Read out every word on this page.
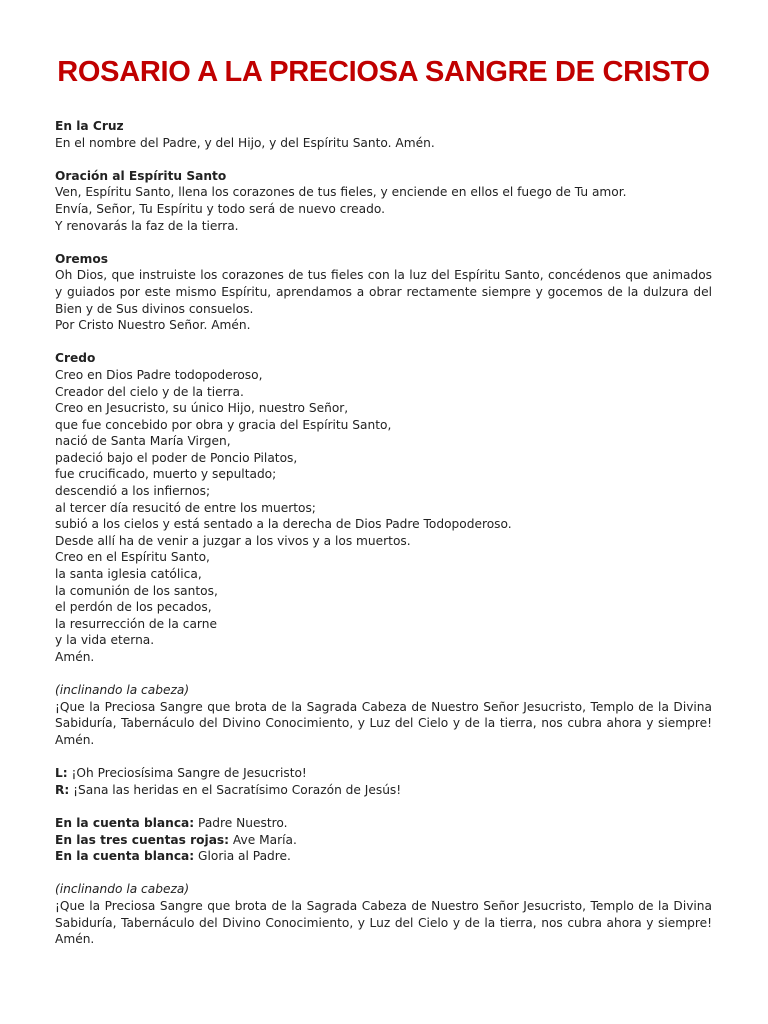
ROSARIO A LA PRECIOSA SANGRE DE CRISTO
En la Cruz
En el nombre del Padre, y del Hijo, y del Espíritu Santo. Amén.
Oración al Espíritu Santo
Ven, Espíritu Santo, llena los corazones de tus fieles, y enciende en ellos el fuego de Tu amor.
Envía, Señor, Tu Espíritu y todo será de nuevo creado.
Y renovarás la faz de la tierra.
Oremos
Oh Dios, que instruiste los corazones de tus fieles con la luz del Espíritu Santo, concédenos que animados y guiados por este mismo Espíritu, aprendamos a obrar rectamente siempre y gocemos de la dulzura del Bien y de Sus divinos consuelos.
Por Cristo Nuestro Señor. Amén.
Credo
Creo en Dios Padre todopoderoso,
Creador del cielo y de la tierra.
Creo en Jesucristo, su único Hijo, nuestro Señor,
que fue concebido por obra y gracia del Espíritu Santo,
nació de Santa María Virgen,
padeció bajo el poder de Poncio Pilatos,
fue crucificado, muerto y sepultado;
descendió a los infiernos;
al tercer día resucitó de entre los muertos;
subió a los cielos y está sentado a la derecha de Dios Padre Todopoderoso.
Desde allí ha de venir a juzgar a los vivos y a los muertos.
Creo en el Espíritu Santo,
la santa iglesia católica,
la comunión de los santos,
el perdón de los pecados,
la resurrección de la carne
y la vida eterna.
Amén.
(inclinando la cabeza)
¡Que la Preciosa Sangre que brota de la Sagrada Cabeza de Nuestro Señor Jesucristo, Templo de la Divina Sabiduría, Tabernáculo del Divino Conocimiento, y Luz del Cielo y de la tierra, nos cubra ahora y siempre! Amén.
L: ¡Oh Preciosísima Sangre de Jesucristo!
R: ¡Sana las heridas en el Sacratísimo Corazón de Jesús!
En la cuenta blanca: Padre Nuestro.
En las tres cuentas rojas: Ave María.
En la cuenta blanca: Gloria al Padre.
(inclinando la cabeza)
¡Que la Preciosa Sangre que brota de la Sagrada Cabeza de Nuestro Señor Jesucristo, Templo de la Divina Sabiduría, Tabernáculo del Divino Conocimiento, y Luz del Cielo y de la tierra, nos cubra ahora y siempre! Amén.
